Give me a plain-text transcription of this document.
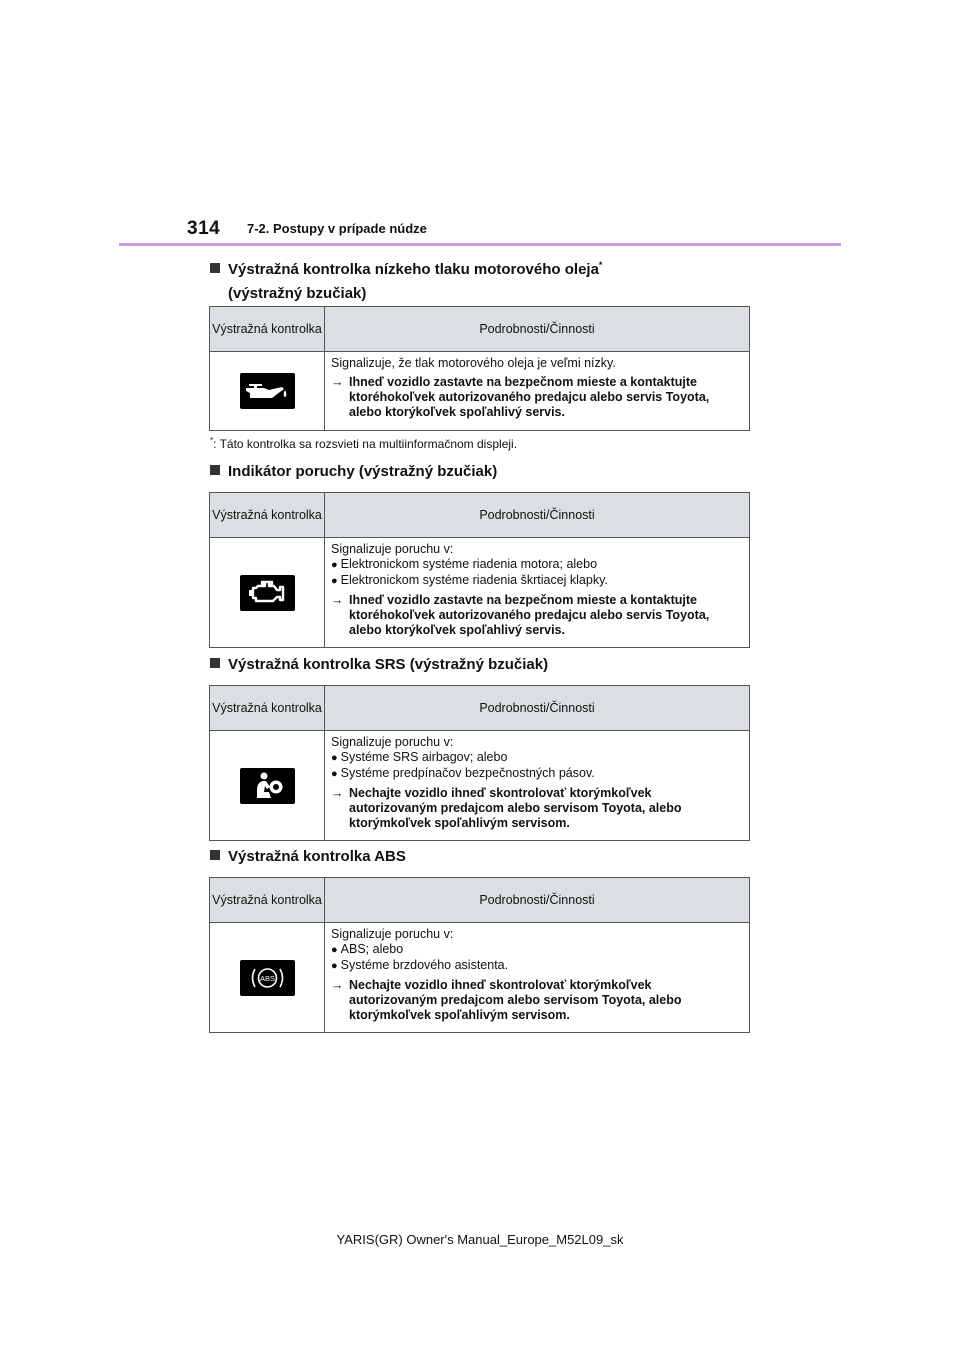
314 7-2. Postupy v prípade núdze
Výstražná kontrolka nízkeho tlaku motorového oleja*
(výstražný bzučiak)
Výstražná kontrolka	Podrobnosti/Činnosti

Signalizuje, že tlak motorového oleja je veľmi nízky.
→ Ihneď vozidlo zastavte na bezpečnom mieste a kontaktujte ktoréhokoľvek autorizovaného predajcu alebo servis Toyota, alebo ktorýkoľvek spoľahlivý servis.
*: Táto kontrolka sa rozsvieti na multiinformačnom displeji.
Indikátor poruchy (výstražný bzučiak)
Výstražná kontrolka	Podrobnosti/Činnosti

Signalizuje poruchu v:
● Elektronickom systéme riadenia motora; alebo
● Elektronickom systéme riadenia škrtiacej klapky.
→ Ihneď vozidlo zastavte na bezpečnom mieste a kontaktujte ktoréhokoľvek autorizovaného predajcu alebo servis Toyota, alebo ktorýkoľvek spoľahlivý servis.
Výstražná kontrolka SRS (výstražný bzučiak)
Výstražná kontrolka	Podrobnosti/Činnosti

Signalizuje poruchu v:
● Systéme SRS airbagov; alebo
● Systéme predpínačov bezpečnostných pásov.
→ Nechajte vozidlo ihneď skontrolovať ktorýmkoľvek autorizovaným predajcom alebo servisom Toyota, alebo ktorýmkoľvek spoľahlivým servisom.
Výstražná kontrolka ABS
Výstražná kontrolka	Podrobnosti/Činnosti

ABS	Signalizuje poruchu v:
● ABS; alebo
● Systéme brzdového asistenta.
→ Nechajte vozidlo ihneď skontrolovať ktorýmkoľvek autorizovaným predajcom alebo servisom Toyota, alebo ktorýmkoľvek spoľahlivým servisom.
YARIS(GR) Owner's Manual_Europe_M52L09_sk
